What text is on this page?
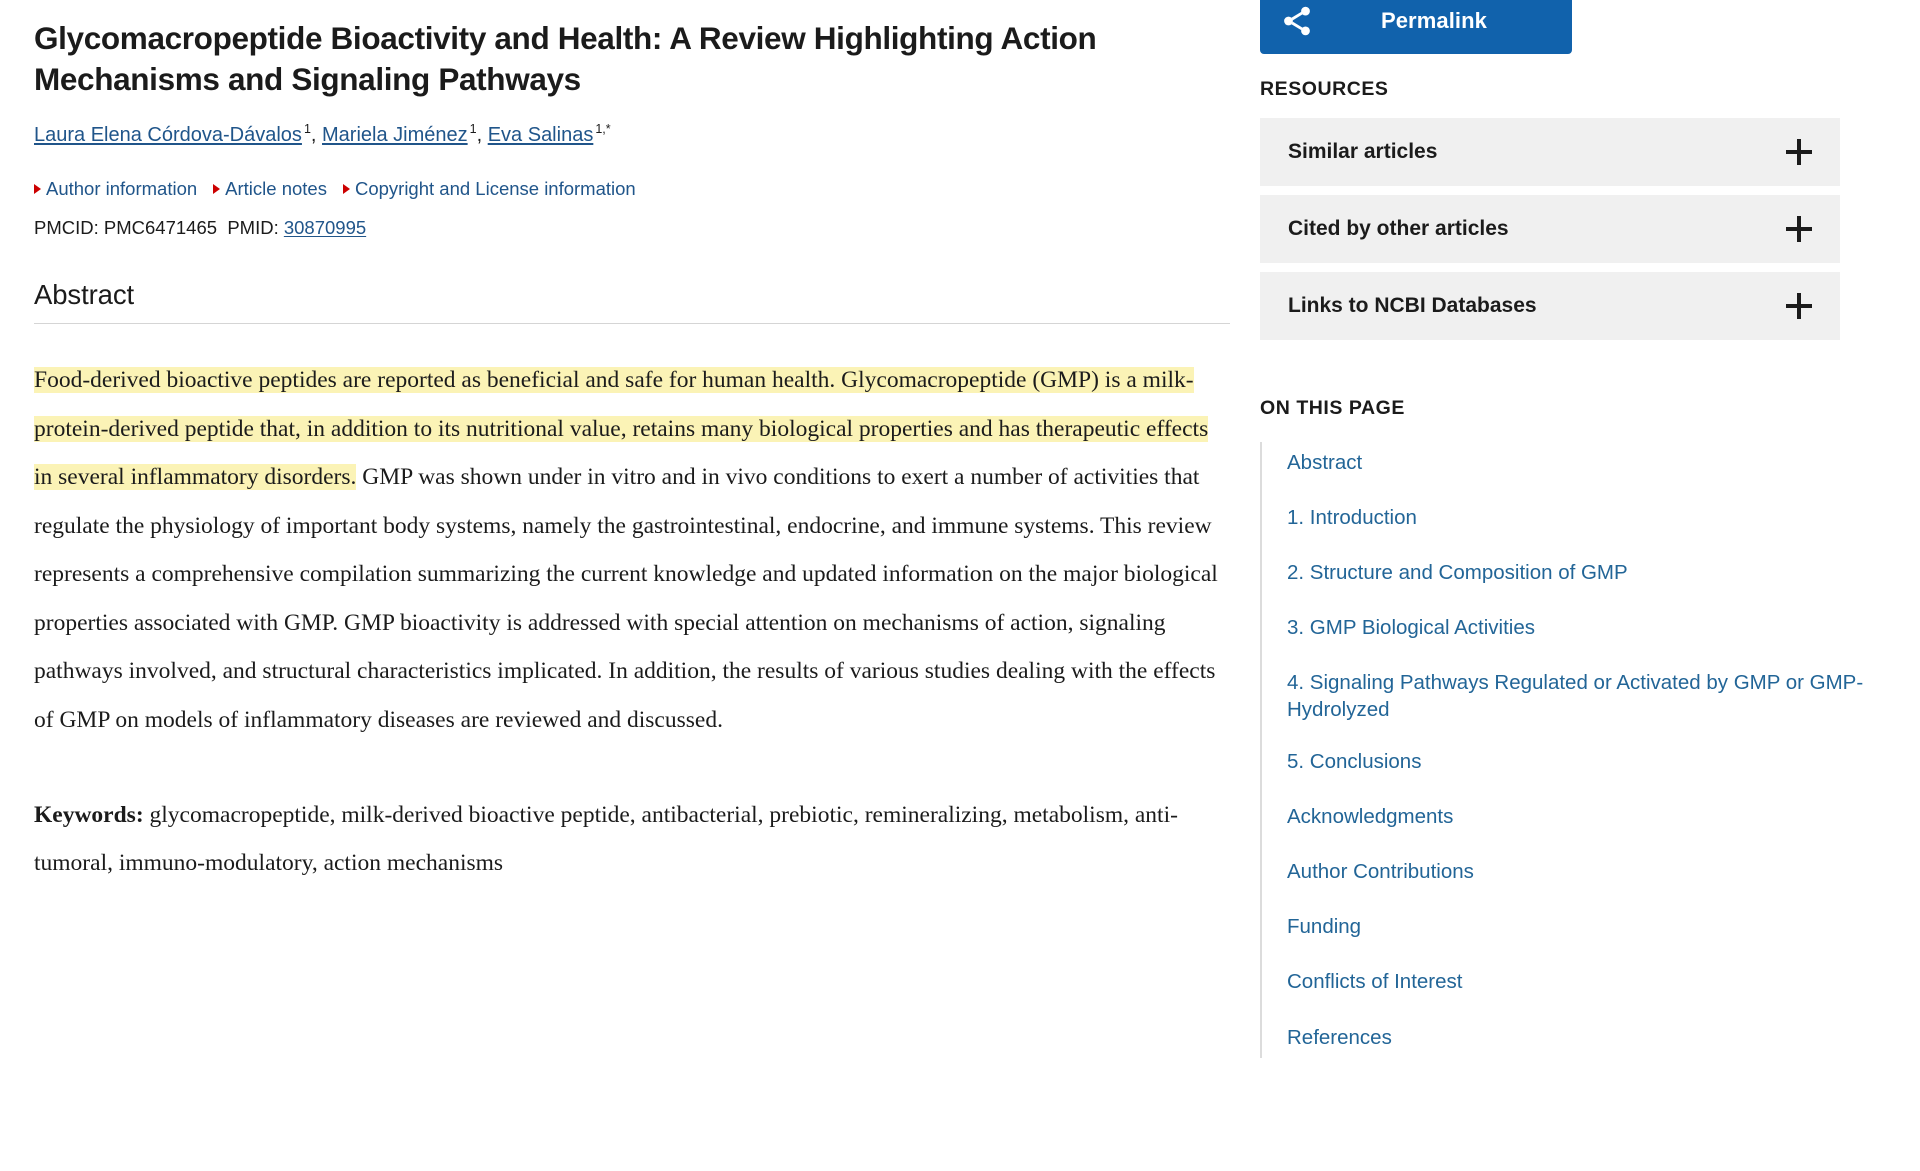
Glycomacropeptide Bioactivity and Health: A Review Highlighting Action Mechanisms and Signaling Pathways
Laura Elena Córdova-Dávalos $^1$, Mariela Jiménez $^1$, Eva Salinas $^{1,*}$
Author information Article notes Copyright and License information
PMCID: PMC6471465 PMID: 30870995
Abstract

Food-derived bioactive peptides are reported as beneficial and safe for human health. Glycomacropeptide (GMP) is a milk-protein-derived peptide that, in addition to its nutritional value, retains many biological properties and has therapeutic effects in several inflammatory disorders. GMP was shown under in vitro and in vivo conditions to exert a number of activities that regulate the physiology of important body systems, namely the gastrointestinal, endocrine, and immune systems. This review represents a comprehensive compilation summarizing the current knowledge and updated information on the major biological properties associated with GMP. GMP bioactivity is addressed with special attention on mechanisms of action, signaling pathways involved, and structural characteristics implicated. In addition, the results of various studies dealing with the effects of GMP on models of inflammatory diseases are reviewed and discussed.

Keywords: glycomacropeptide, milk-derived bioactive peptide, antibacterial, prebiotic, remineralizing, metabolism, anti-tumoral, immuno-modulatory, action mechanisms

Permalink
RESOURCES
Similar articles
Cited by other articles
Links to NCBI Databases
ON THIS PAGE
Abstract
1. Introduction
2. Structure and Composition of GMP
3. GMP Biological Activities
4. Signaling Pathways Regulated or Activated by GMP or GMP-Hydrolyzed
5. Conclusions
Acknowledgments
Author Contributions
Funding
Conflicts of Interest
References
